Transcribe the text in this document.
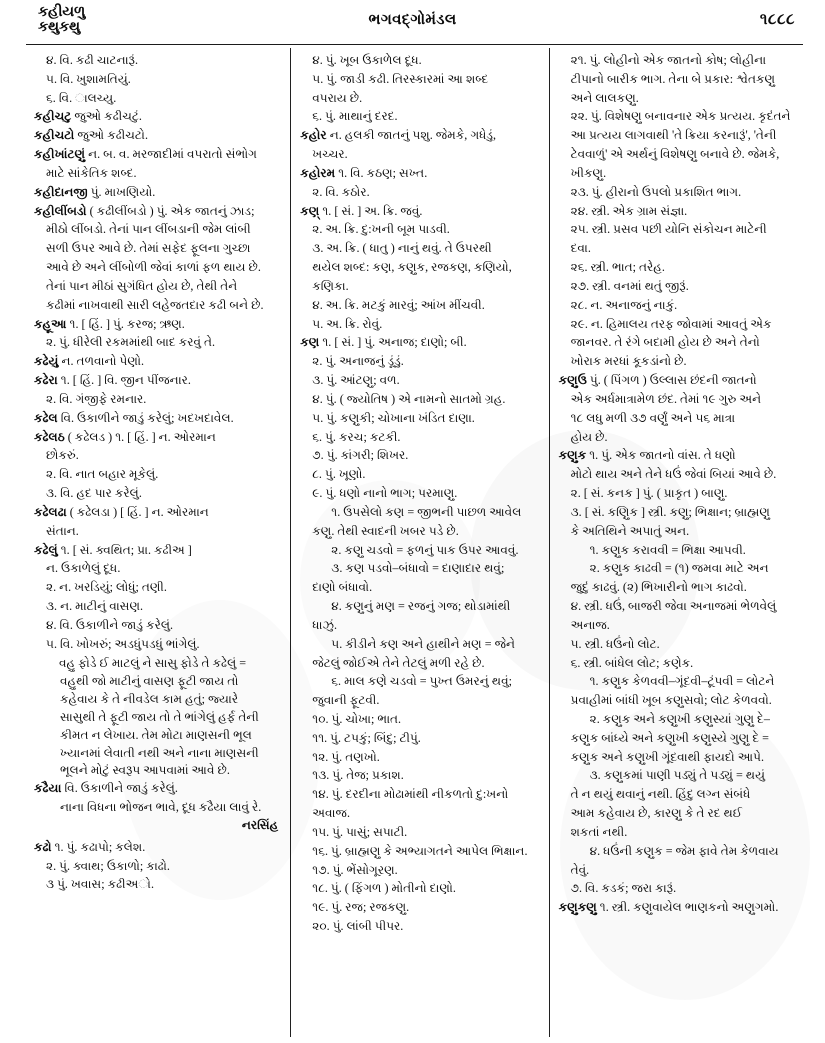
કહીયળુ
કથુકથુ	ભગવદ્ગોમંડલ	૧૮૮૮
૪. વિ. કઢી ચાટનારૂં.
૫. વિ. ખુશામતિયું.
૬. વિ. ાલચ્યુ.
કહીચટુ જુઓ કઢીચટું.
કહીચટો જુઓ કઢીચટો.
કહીખાંટણું ન. બ. વ. મરજાદીમાં વપરાતો સંભોગ
માટે સાંકેતિક શબ્દ.
કહીદાનજી પું. માખણિયો.
કહીલીંબડો ( કઢીલીંબડો ) પું. એક જાતનું ઝાડ;
મીઠો લીંબડો. તેનાં પાન લીંબડાની જેમ લાંબી
સળી ઉપર આવે છે. તેમાં સફેદ ફૂલના ગુચ્છા
આવે છે અને લીંબોળી જેવાં કાળાં ફળ થાય છે.
તેનાં પાન મીઠાં સુગંધિત હોય છે, તેથી તેને
કઢીમાં નાખવાથી સારી લહેજતદાર કઢી બને છે.
કહૂઆ ૧. [ હિં. ] પું. કરજ; ઋણ.
૨. પું. ધીરેલી રકમમાંથી બાદ કરવું તે.
કઢેયું ન. તળવાનો પેણો.
કઢેરા ૧. [ હિં. ] વિ. જીન પીંજનાર.
૨. વિ. ગંજીફે રમનાર.
કઢેલ વિ. ઉકાળીને જાડું કરેલું; ખદખદાવેલ.
કઢેલઠ ( કઢેલડ ) ૧. [ હિં. ] ન. ઓરમાન
છોકરું.
૨. વિ. નાત બહાર મૂકેલું.
૩. વિ. હદ પાર કરેલું.
કઢેલઢા ( કઢેલડા ) [ હિં. ] ન. ઓરમાન
સંતાન.
કઢેલું ૧. [ સં. ક્વથિત; પ્રા. કઢીઅ ]
ન. ઉકાળેલું દૂધ.
૨. ન. ખરડિયું; લોધું; તણી.
૩. ન. માટીનું વાસણ.
૪. વિ. ઉકાળીને જાડું કરેલું.
૫. વિ. ખોખરું; અડધુંપડધું ભાંગેલું.
વહુ ફોડે ઈ માટલું ને સાસુ ફોડે તે કઢેલું =
વહુથી જો માટીનું વાસણ ફૂટી જાય તો
કહેવાય કે તે નીવડેલ કામ હતું; જ્યારે
સાસુથી તે ફૂટી જાય તો તે ભાંગેલું હર્ફ તેની
કીમત ન લેખાય. તેમ મોટા માણસની ભૂલ
ખ્યાનમાં લેવાતી નથી અને નાના માણસની
ભૂલને મોટું સ્વરૂપ આપવામાં આવે છે.
કઢૈયા વિ. ઉકાળીને જાડું કરેલું.
નાના વિધના ભોજન ભાવે, દૂધ કઢૈયા લાવું રે.
નરસિંહ
કઢો ૧. પું. કઢાપો; કલેશ.
૨. પું. ક્વાથ; ઉકાળો; કાઢો.
૩ પું. ખવાસ; કઢીઅો.
૪. પું. ખૂબ ઉકાળેલ દૂધ.
૫. પું. જાડી કઢી. તિરસ્કારમાં આ શબ્દ
વપરાય છે.
૬. પું. માથાનું દરદ.
કહોર ન. હલકી જાતનું પશુ. જેમકે, ગધેડું,
ખચ્ચર.
કહોરમ ૧. વિ. કઠણ; સખ્ત.
૨. વિ. કઠોર.
કણ્ ૧. [ સં. ] અ. ક્રિ. જવું.
૨. અ. ક્રિ. દુ:ખની બૂમ પાડવી.
૩. અ. ક્રિ. ( ધાતુ ) નાનું થવું. તે ઉપરથી
થયેલ શબ્દ: કણ, કણુક, રજકણ, કણિયો,
કણિકા.
૪. અ. ક્રિ. મટકું મારવું; આંખ મીંચવી.
૫. અ. ક્રિ. રોવું.
કણ ૧. [ સં. ] પું. અનાજ; દાણો; બી.
૨. પું. અનાજનું ડૂંડું.
૩. પું. આંટણુ; વળ.
૪. પું. ( જ્યોતિષ ) એ નામનો સાતમો ગ્રહ.
૫. પું. કણુકી; ચોખાના ખંડિત દાણા.
૬. પું. કરચ; કટકી.
૭. પું. કાંગરી; શિખર.
૮. પું. ખૂણો.
૯. પું. ધણો નાનો ભાગ; પરમાણુ.
૧. ઉપસેલો કણ = જીભની પાછળ આવેલ
કણુ. તેથી સ્વાદની ખબર પડે છે.
૨. કણુ ચડવો = ફળનું પાક ઉપર આવવું.
૩. કણ પડવો–બંધાવો = દાણાદાર થવું;
દાણો બંધાવો.
૪. કણુનું મણ = રજનું ગજ; થોડામાંથી
ધાઝું.
૫. કીડીને કણ અને હાથીને મણ = જેને
જેટલું જોઈએ તેને તેટલું મળી રહે છે.
૬. માલ કણે ચડવો = પુખ્ત ઉમરનું થવું;
જુવાની ફૂટવી.
૧૦. પું. ચોખા; ભાત.
૧૧. પું. ટપકું; બિંદુ; ટીપું.
૧૨. પું. તણખો.
૧૩. પું. તેજ; પ્રકાશ.
૧૪. પું. દરદીના મોઢામાંથી નીકળતો દુ:ખનો
અવાજ.
૧૫. પું. પાસું; સપાટી.
૧૬. પું. બ્રાહ્મણુ કે અભ્યાગતને આપેલ ભિક્ષાન.
૧૭. પું. ભેંસોગૂરણ.
૧૮. પું. ( ફિંગળ ) મોતીનો દાણો.
૧૯. પું. રજ; રજકણુ.
૨૦. પું. લાંબી પીપર.
૨૧. પું. લોહીનો એક જાતનો કોષ; લોહીના
ટીપાનો બારીક ભાગ. તેના બે પ્રકાર: શ્વેતકણુ
અને લાલકણુ.
૨૨. પું. વિશેષણુ બનાવનાર એક પ્રત્યય. કૃદંતને
આ પ્રત્યય લાગવાથી 'તે ક્રિયા કરનારૂં', 'તેની
ટેવવાળું' એ અર્થનું વિશેષણુ બનાવે છે. જેમકે,
ખીકણુ.
૨૩. પું. હીરાનો ઉપલો પ્રકાશિત ભાગ.
૨૪. સ્ત્રી. એક ગ્રામ સંજ્ઞા.
૨૫. સ્ત્રી. પ્રસવ પછી યોનિ સંકોચન માટેની
દવા.
૨૬. સ્ત્રી. ભાત; તરેહ.
૨૭. સ્ત્રી. વનમાં થતું જીરૂં.
૨૮. ન. અનાજનું નાકું.
૨૯. ન. હિમાલય તરફ જોવામાં આવતું એક
જાનવર. તે રંગે બદામી હોય છે અને તેનો
ખોરાક મરધાં કૂકડાંનો છે.
કણુઉ પું. ( પિંગળ ) ઉલ્લાસ છંદની જાતનો
એક અર્ધમાત્રામેળ છંદ. તેમાં ૧૯ ગુરુ અને
૧૮ લધુ મળી ૩૭ વર્ણું અને ૫૬ માત્રા
હોય છે.
કણુક ૧. પું. એક જાતનો વાંસ. તે ધણો
મોટો થાય અને તેને ધઉં જેવાં બિયાં આવે છે.
૨. [ સં. કનક ] પું. ( પ્રાકૃત ) બાણુ.
૩. [ સં. કણિુક ] સ્ત્રી. કણુ; ભિક્ષાન; બ્રાહ્મણુ
કે અતિથિને અપાતું અન.
૧. કણુક કરાવવી = ભિક્ષા આપવી.
૨. કણુક કાઢવી = (૧) જમવા માટે અન
જુદું કાઢવું. (૨) ભિખારીનો ભાગ કાઢવો.
૪. સ્ત્રી. ધઉં, બાજરી જેવા અનાજમાં ભેળવેલું
અનાજ.
૫. સ્ત્રી. ધઉંનો લોટ.
૬. સ્ત્રી. બાંધેલ લોટ; કણેક.
૧. કણુક કેળવવી–ગૂંદવી–ટૂંપવી = લોટને
પ્રવાહીમાં બાંધી ખૂબ કણુસવો; લોટ કેળવવો.
૨. કણુક અને કણુખી કણુસ્યાં ગુણુ દે–
કણુક બાંધ્યે અને કણુખી કણુસ્યે ગુણુ દે =
કણુક અને કણુખી ગૂંદવાથી ફાયદો આપે.
૩. કણુકમાં પાણી પડ્યું તે પડ્યું = થયું
તે ન થયું થવાનું નથી. હિંદુ લગ્ન સંબંધે
આમ કહેવાય છે, કારણુ કે તે રદ થઈ
શકતાં નથી.
૪. ધઉંની કણુક = જેમ ફાવે તેમ કેળવાય
તેવું.
૭. વિ. કડકં; જરા કારૂં.
કણુકણુ ૧. સ્ત્રી. કણુવાયેલ ભાણકનો અણુગમો.
